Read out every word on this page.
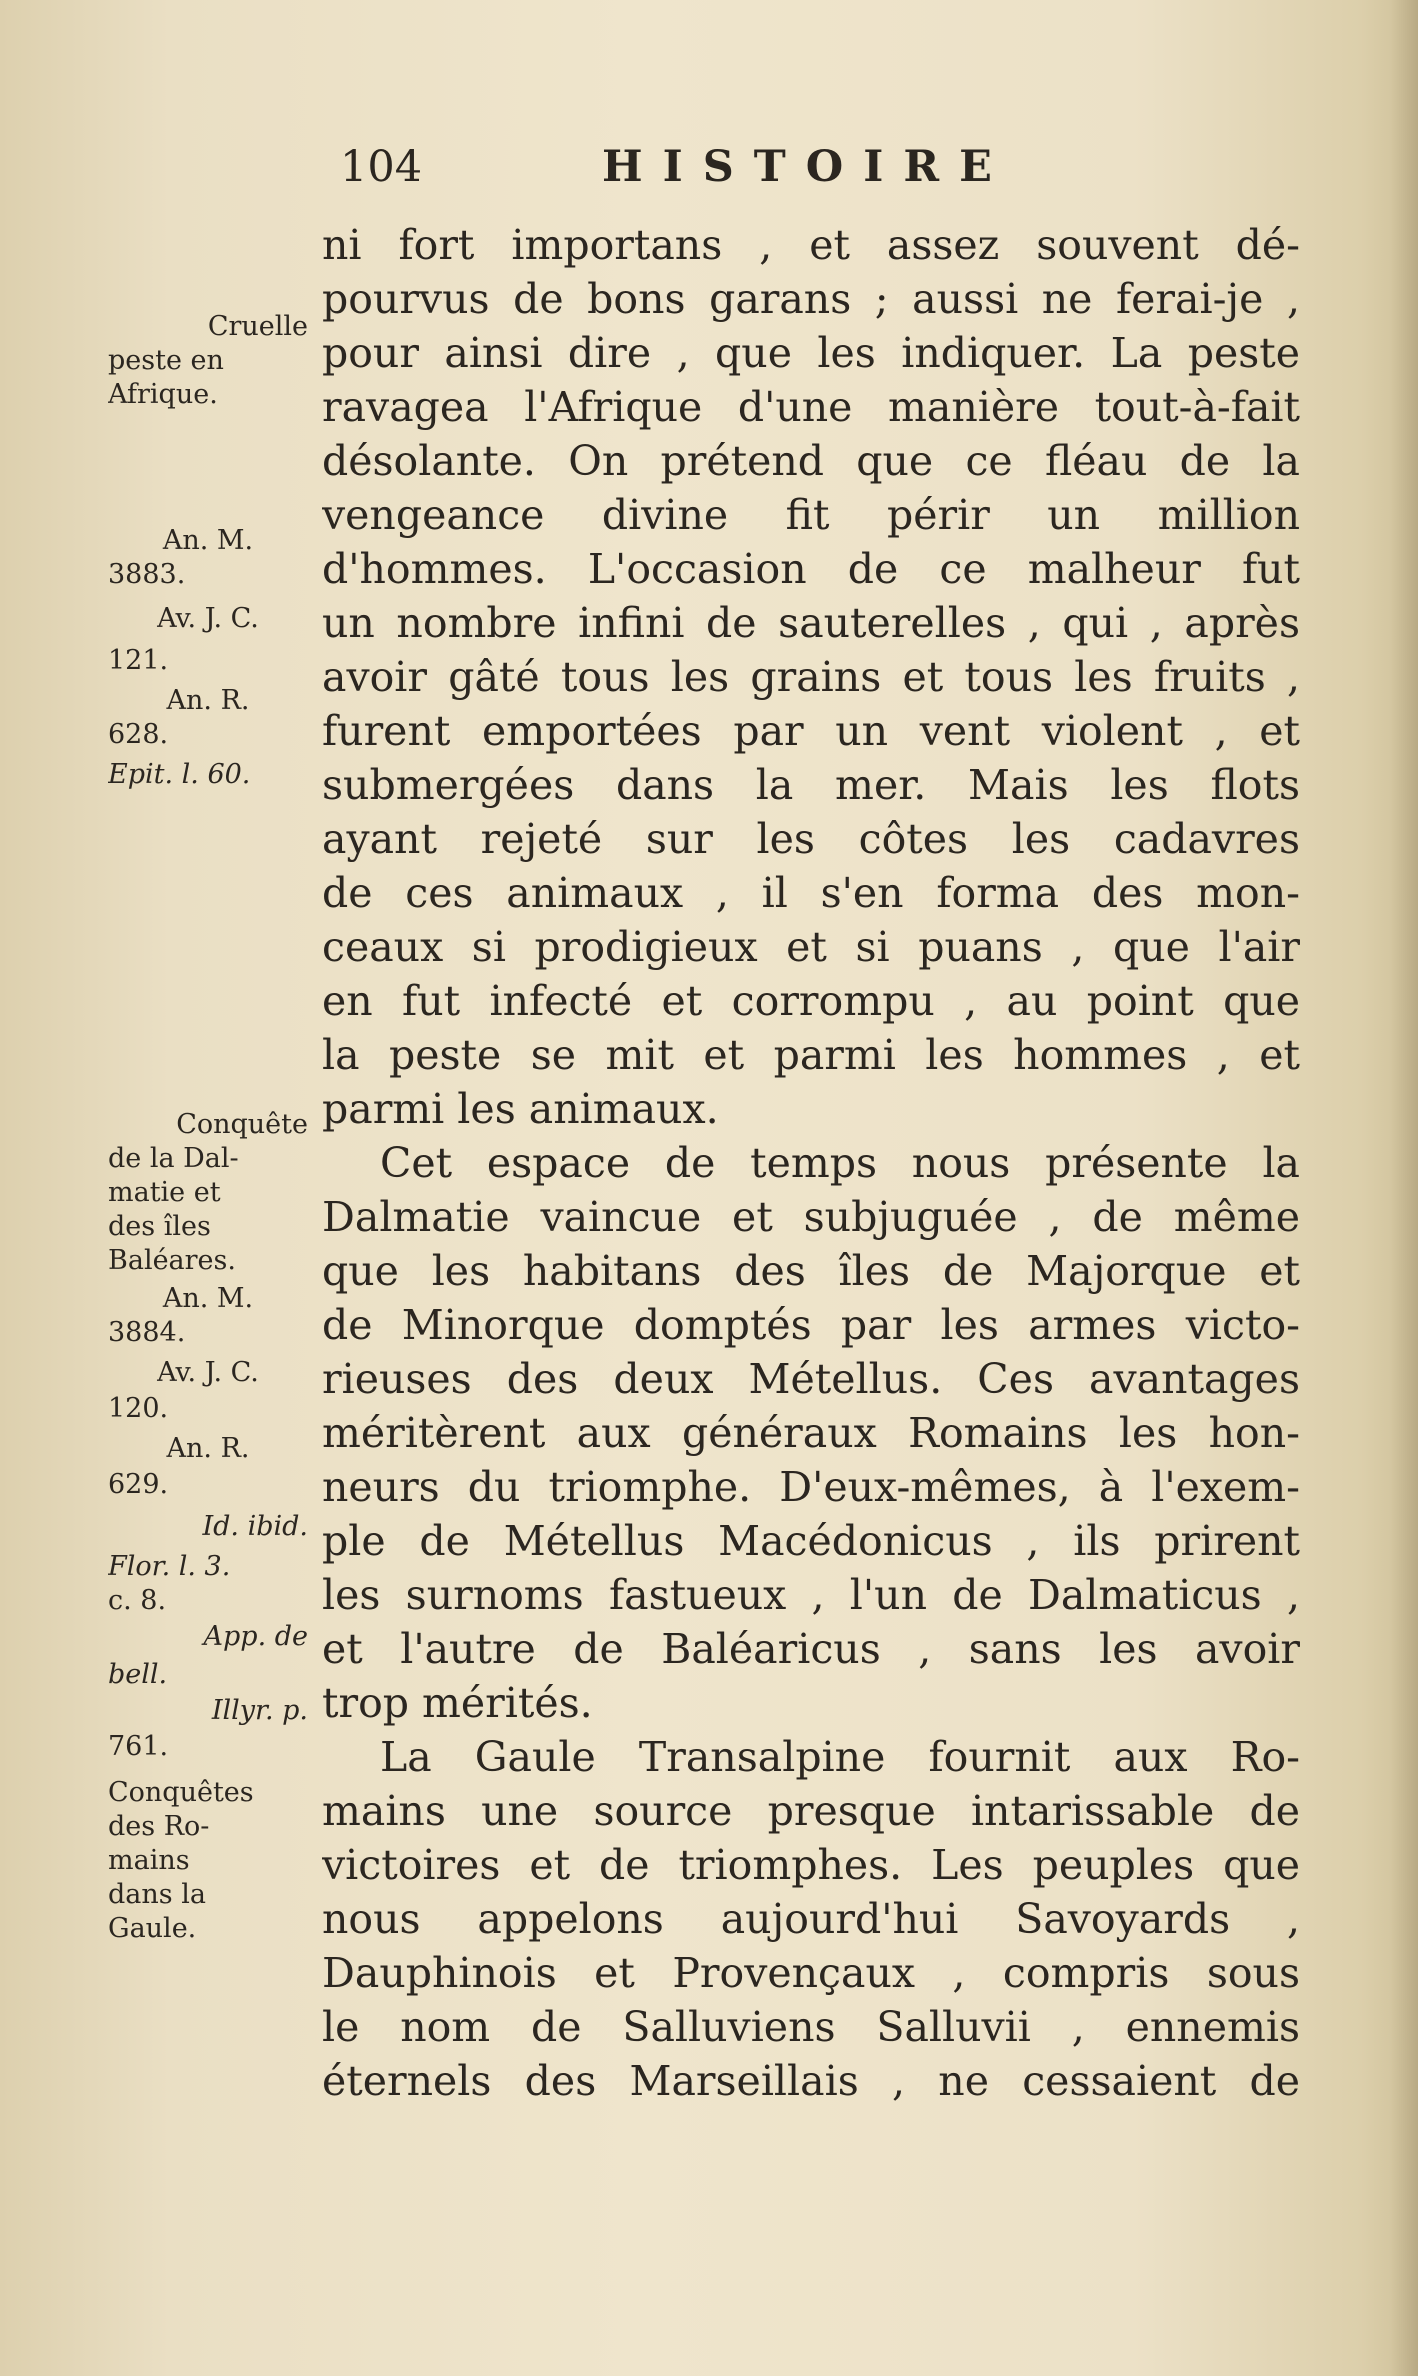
104	HISTOIRE
Cruelle
peste en
Afrique.
An. M.
3883.
Av. J. C.
121.
An. R.
628.
Epit. l. 60.
Conquête
de la Dal-
matie et
des îles
Baléares.
An. M.
3884.
Av. J. C.
120.
An. R.
629.
Id. ibid.
Flor. l. 3.
c. 8.
App. de
bell.
Illyr. p.
761.
Conquêtes
des Ro-
mains
dans la
Gaule.
ni fort importans , et assez souvent dé-
pourvus de bons garans ; aussi ne ferai-je ,
pour ainsi dire , que les indiquer. La peste
ravagea l'Afrique d'une manière tout-à-fait
désolante. On prétend que ce fléau de la
vengeance divine fit périr un million
d'hommes. L'occasion de ce malheur fut
un nombre infini de sauterelles , qui , après
avoir gâté tous les grains et tous les fruits ,
furent emportées par un vent violent , et
submergées dans la mer. Mais les flots
ayant rejeté sur les côtes les cadavres
de ces animaux , il s'en forma des mon-
ceaux si prodigieux et si puans , que l'air
en fut infecté et corrompu , au point que
la peste se mit et parmi les hommes , et
parmi les animaux.
Cet espace de temps nous présente la
Dalmatie vaincue et subjuguée , de même
que les habitans des îles de Majorque et
de Minorque domptés par les armes victo-
rieuses des deux Métellus. Ces avantages
méritèrent aux généraux Romains les hon-
neurs du triomphe. D'eux-mêmes, à l'exem-
ple de Métellus Macédonicus , ils prirent
les surnoms fastueux , l'un de Dalmaticus ,
et l'autre de Baléaricus , sans les avoir
trop mérités.
La Gaule Transalpine fournit aux Ro-
mains une source presque intarissable de
victoires et de triomphes. Les peuples que
nous appelons aujourd'hui Savoyards ,
Dauphinois et Provençaux , compris sous
le nom de Salluviens Salluvii , ennemis
éternels des Marseillais , ne cessaient de
